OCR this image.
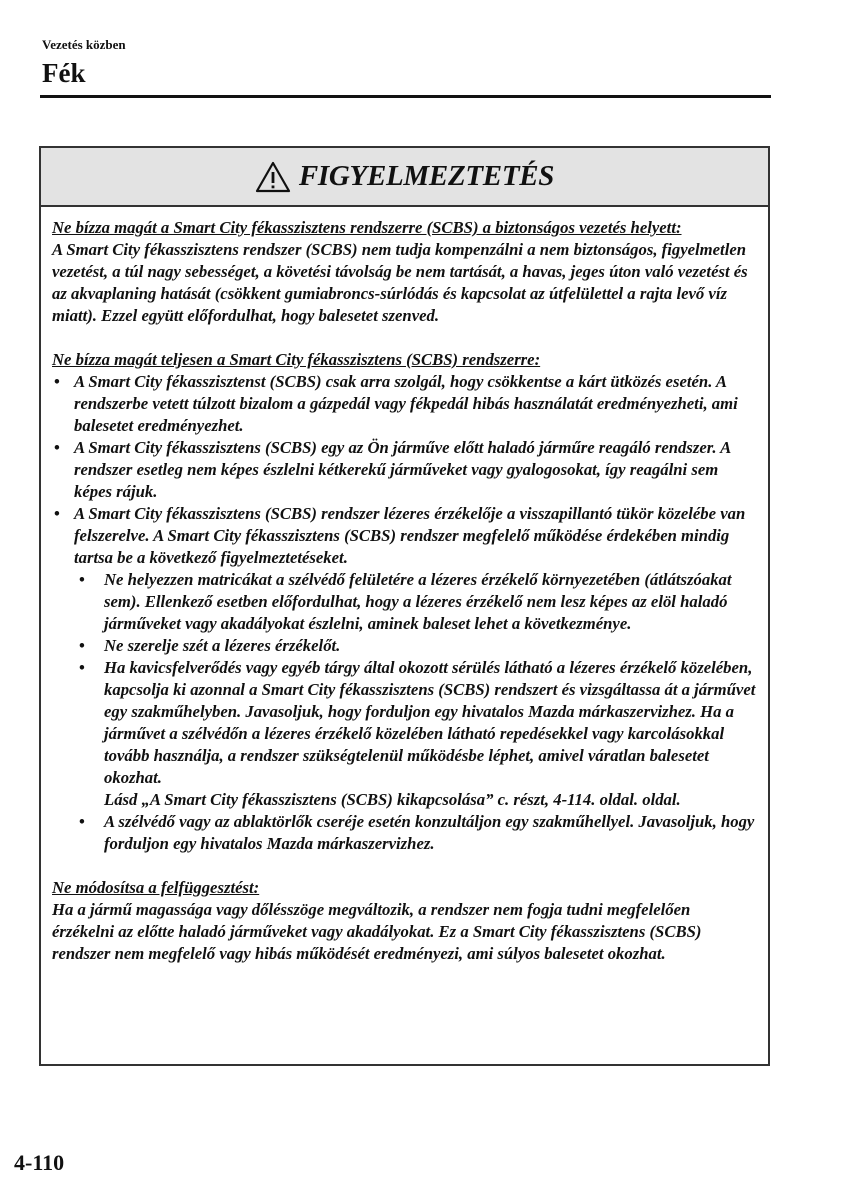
Vezetés közben
Fék
FIGYELMEZTETÉS

Ne bízza magát a Smart City fékasszisztens rendszerre (SCBS) a biztonságos vezetés helyett:

A Smart City fékasszisztens rendszer (SCBS) nem tudja kompenzálni a nem biztonságos, figyelmetlen vezetést, a túl nagy sebességet, a követési távolság be nem tartását, a havas, jeges úton való vezetést és az akvaplaning hatását (csökkent gumiabroncs-súrlódás és kapcsolat az útfelülettel a rajta levő víz miatt). Ezzel együtt előfordulhat, hogy balesetet szenved.

Ne bízza magát teljesen a Smart City fékasszisztens (SCBS) rendszerre:

• A Smart City fékasszisztenst (SCBS) csak arra szolgál, hogy csökkentse a kárt ütközés esetén. A rendszerbe vetett túlzott bizalom a gázpedál vagy fékpedál hibás használatát eredményezheti, ami balesetet eredményezhet.
• A Smart City fékasszisztens (SCBS) egy az Ön járműve előtt haladó járműre reagáló rendszer. A rendszer esetleg nem képes észlelni kétkerekű járműveket vagy gyalogosokat, így reagálni sem képes rájuk.
• A Smart City fékasszisztens (SCBS) rendszer lézeres érzékelője a visszapillantó tükör közelébe van felszerelve. A Smart City fékasszisztens (SCBS) rendszer megfelelő működése érdekében mindig tartsa be a következő figyelmeztetéseket.
• Ne helyezzen matricákat a szélvédő felületére a lézeres érzékelő környezetében (átlátszóakat sem). Ellenkező esetben előfordulhat, hogy a lézeres érzékelő nem lesz képes az elöl haladó járműveket vagy akadályokat észlelni, aminek baleset lehet a következménye.
• Ne szerelje szét a lézeres érzékelőt.
• Ha kavicsfelverődés vagy egyéb tárgy által okozott sérülés látható a lézeres érzékelő közelében, kapcsolja ki azonnal a Smart City fékasszisztens (SCBS) rendszert és vizsgáltassa át a járművet egy szakműhelyben. Javasoljuk, hogy forduljon egy hivatalos Mazda márkaszervizhez. Ha a járművet a szélvédőn a lézeres érzékelő közelében látható repedésekkel vagy karcolásokkal tovább használja, a rendszer szükségtelenül működésbe léphet, amivel váratlan balesetet okozhat.
Lásd „A Smart City fékasszisztens (SCBS) kikapcsolása” c. részt, 4-114. oldal. oldal.
• A szélvédő vagy az ablaktörlők cseréje esetén konzultáljon egy szakműhellyel. Javasoljuk, hogy forduljon egy hivatalos Mazda márkaszervizhez.

Ne módosítsa a felfüggesztést:

Ha a jármű magassága vagy dőlésszöge megváltozik, a rendszer nem fogja tudni megfelelően érzékelni az előtte haladó járműveket vagy akadályokat. Ez a Smart City fékasszisztens (SCBS) rendszer nem megfelelő vagy hibás működését eredményezi, ami súlyos balesetet okozhat.

4-110
